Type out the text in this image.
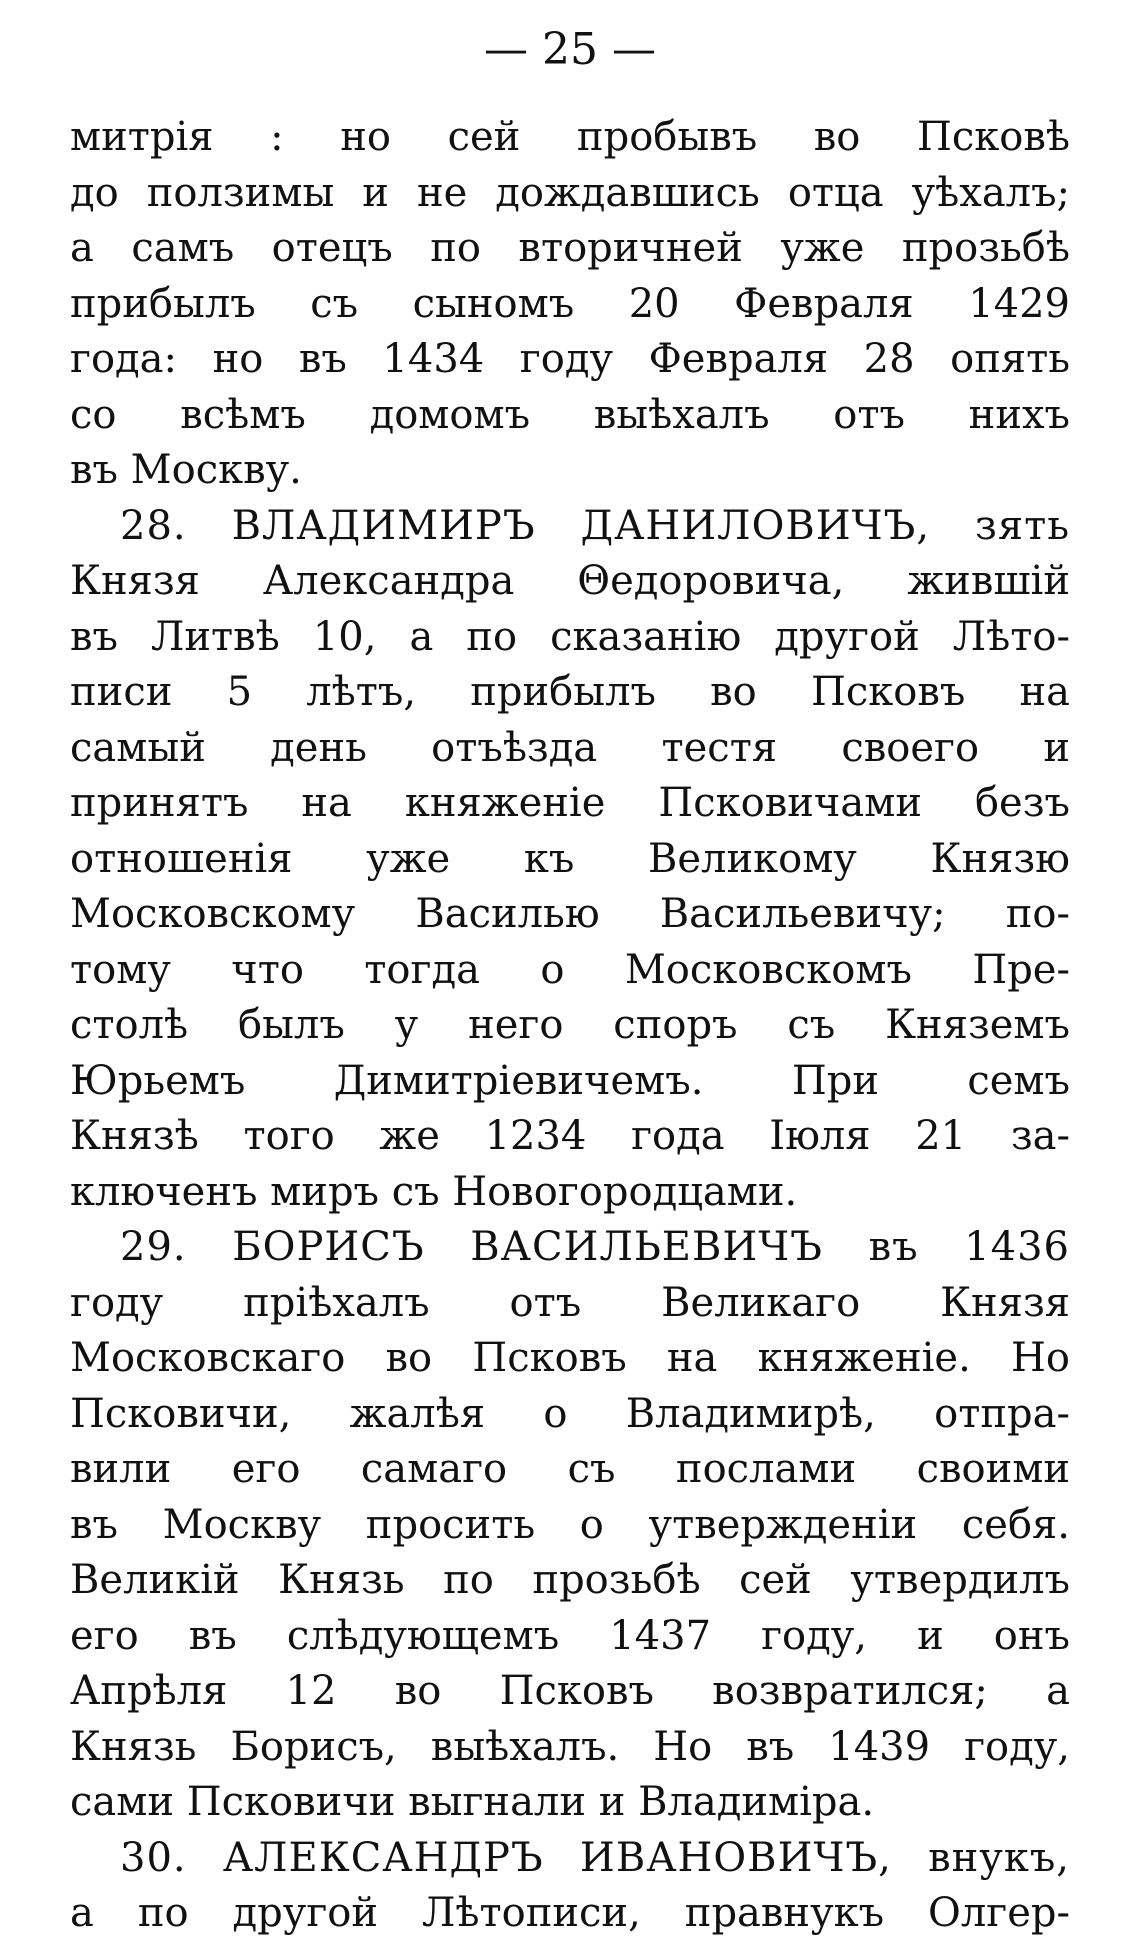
— 25 —
митрія : но сей пробывъ во Псковѣ
до ползимы и не дождавшись отца уѣхалъ;
а самъ отецъ по вторичней уже прозьбѣ
прибылъ съ сыномъ 20 Февраля 1429
года: но въ 1434 году Февраля 28 опять
со всѣмъ домомъ выѣхалъ отъ нихъ
въ Москву.
28. ВЛАДИМИРЪ ДАНИЛОВИЧЪ, зять
Князя Александра Θедоровича, жившій
въ Литвѣ 10, а по сказанію другой Лѣто-
писи 5 лѣтъ, прибылъ во Псковъ на
самый день отъѣзда тестя своего и
принятъ на княженіе Псковичами безъ
отношенія уже къ Великому Князю
Московскому Василью Васильевичу; по-
тому что тогда о Московскомъ Пре-
столѣ былъ у него споръ съ Княземъ
Юрьемъ Димитріевичемъ. При семъ
Князѣ того же 1234 года Іюля 21 за-
ключенъ миръ съ Новогородцами.
29. БОРИСЪ ВАСИЛЬЕВИЧЪ въ 1436
году пріѣхалъ отъ Великаго Князя
Московскаго во Псковъ на княженіе. Но
Псковичи, жалѣя о Владимирѣ, отпра-
вили его самаго съ послами своими
въ Москву просить о утвержденіи себя.
Великій Князь по прозьбѣ сей утвердилъ
его въ слѣдующемъ 1437 году, и онъ
Апрѣля 12 во Псковъ возвратился; а
Князь Борисъ, выѣхалъ. Но въ 1439 году,
сами Псковичи выгнали и Владиміра.
30. АЛЕКСАНДРЪ ИВАНОВИЧЪ, внукъ,
а по другой Лѣтописи, правнукъ Олгер-
